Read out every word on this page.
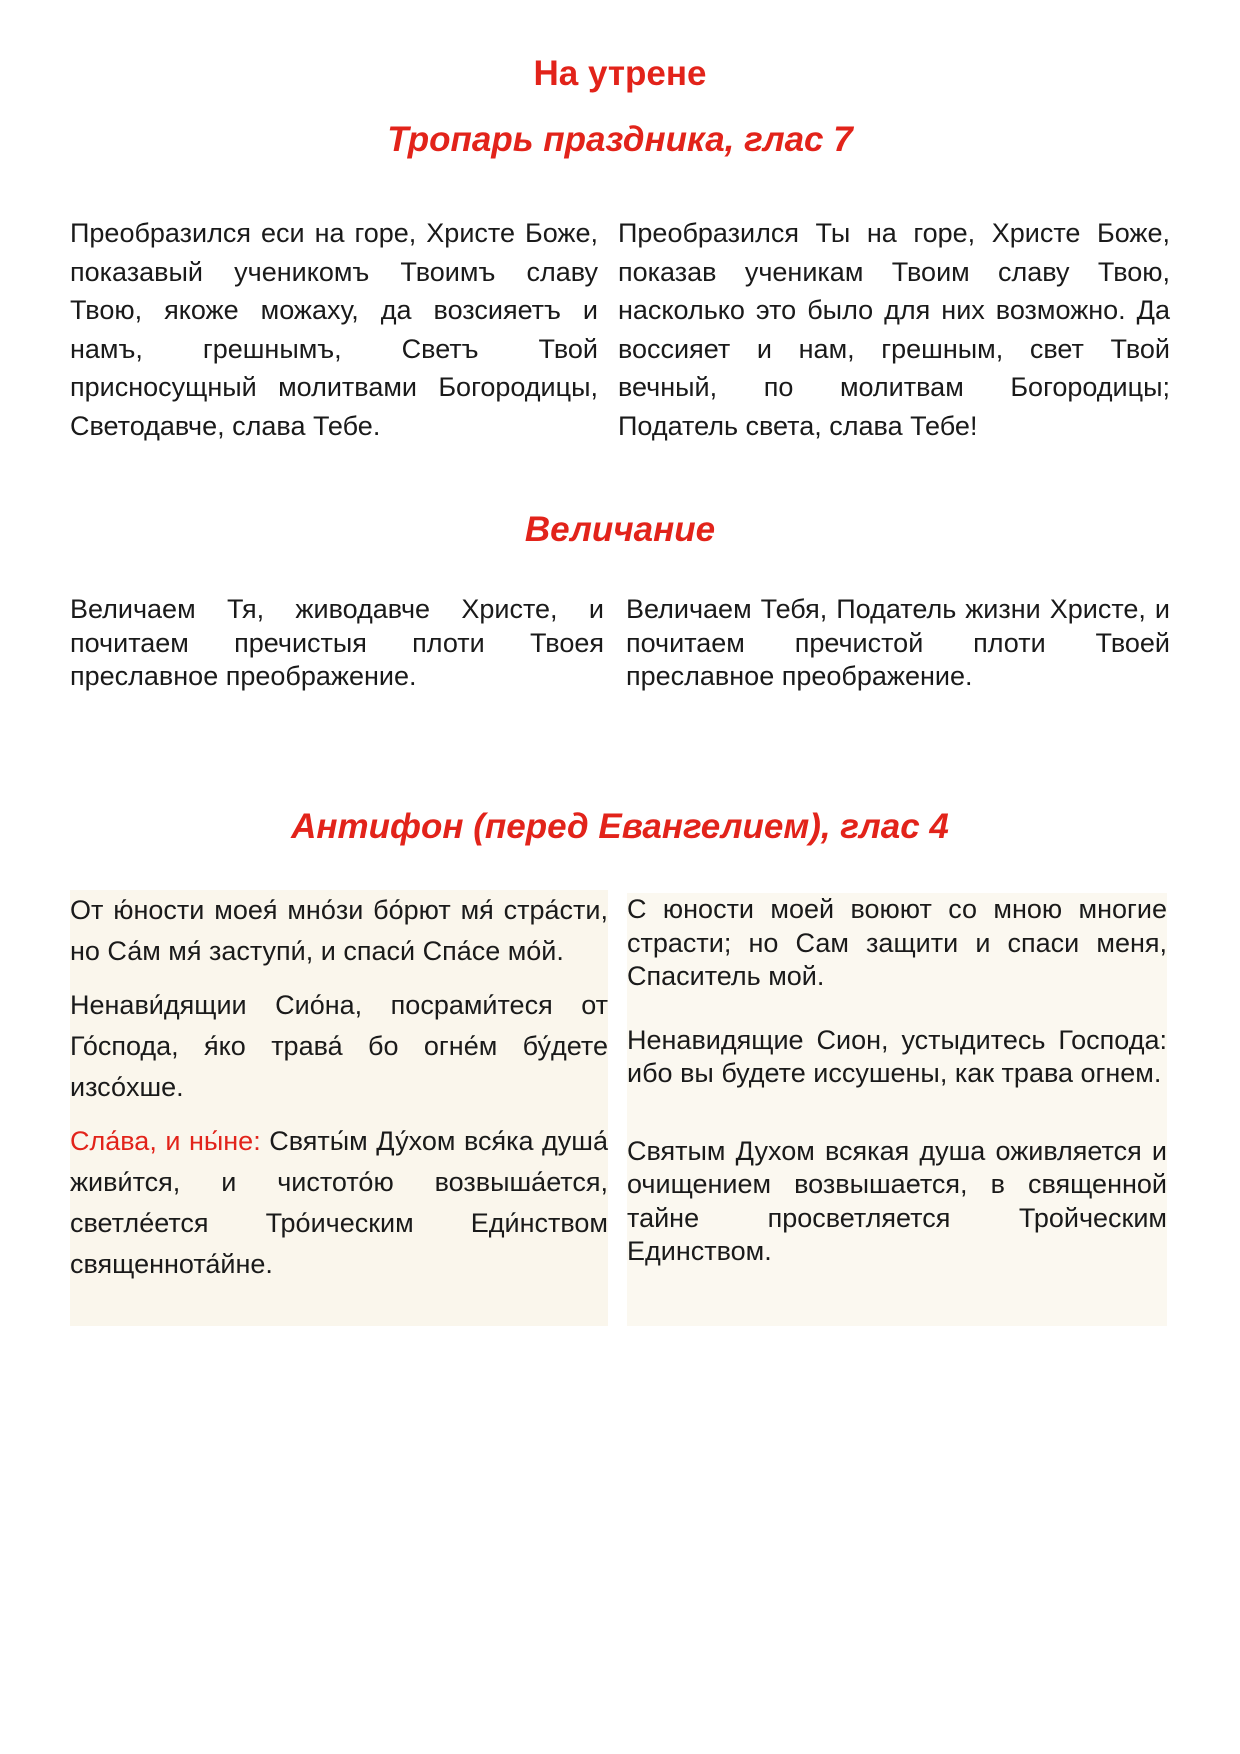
На утрене
Тропарь праздника, глас 7

Преобразился еси на горе, Христе Боже, показавый ученикомъ Твоимъ славу Твою, якоже можаху, да возсияетъ и намъ, грешнымъ, Светъ Твой присносущный молитвами Богородицы, Светодавче, слава Тебе.

Преобразился Ты на горе, Христе Боже, показав ученикам Твоим славу Твою, насколько это было для них возможно. Да воссияет и нам, грешным, свет Твой вечный, по молитвам Богородицы; Податель света, слава Тебе!

Величание

Величаем Тя, живодавче Христе, и почитаем пречистыя плоти Твоея преславное преображение.

Величаем Тебя, Податель жизни Христе, и почитаем пречистой плоти Твоей преславное преображение.

Антифон (перед Евангелием), глас 4

От ю́ности моея́ мно́зи бо́рют мя́ стра́сти, но Са́м мя́ заступи́, и спаси́ Спа́се мо́й.

Ненави́дящии Сио́на, посрами́теся от Го́спода, я́ко трава́ бо огне́м бу́дете изсо́хше.

Сла́ва, и ны́не: Святы́м Ду́хом вся́ка душа́ живи́тся, и чистото́ю возвыша́ется, светле́ется Тро́ическим Еди́нством священнота́йне.

С юности моей воюют со мною многие страсти; но Сам защити и спаси меня, Спаситель мой.

Ненавидящие Сион, устыдитесь Господа: ибо вы будете иссушены, как трава огнем.

Святым Духом всякая душа оживляется и очищением возвышается, в священной тайне просветляется Тройческим Единством.
